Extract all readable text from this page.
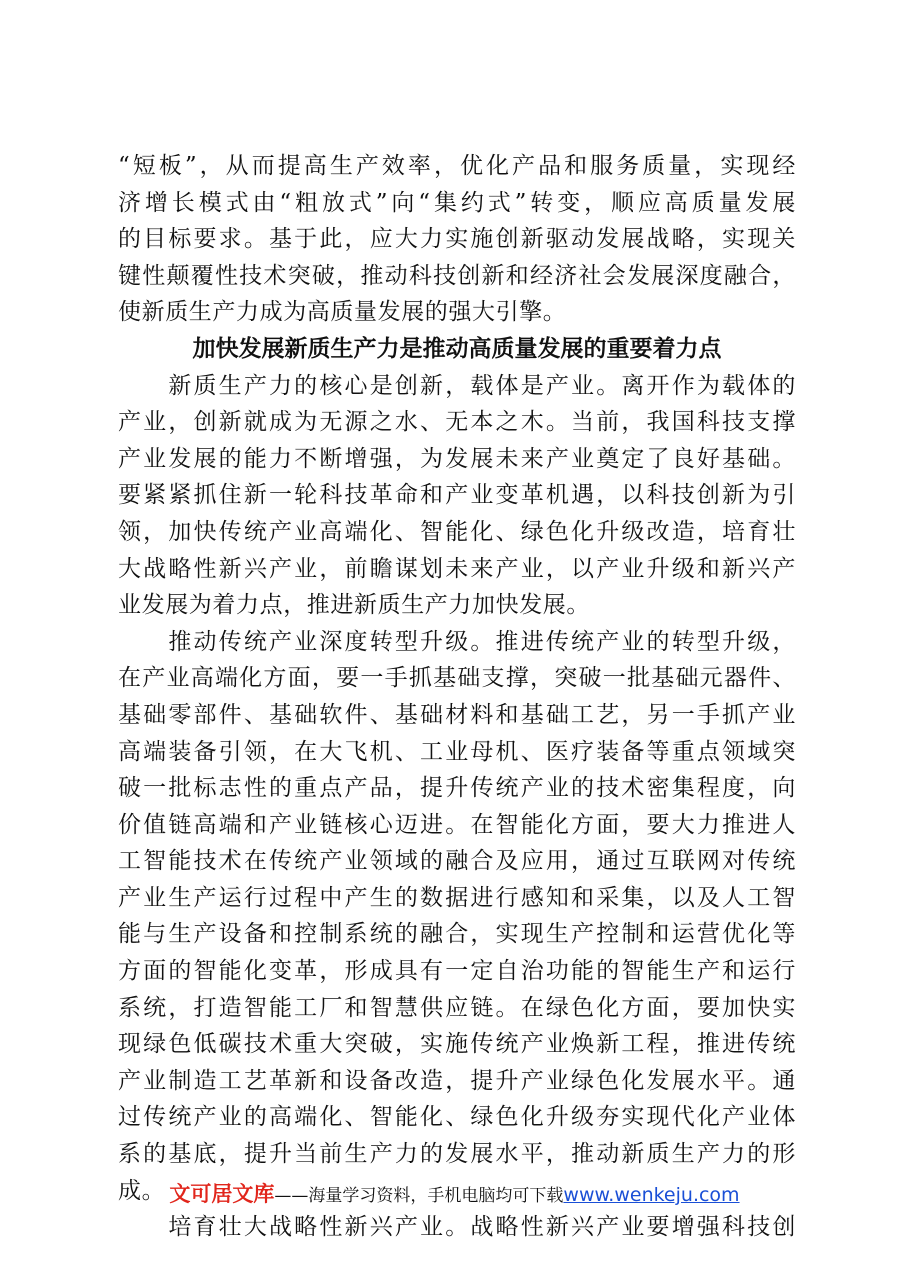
“短板”，从而提高生产效率，优化产品和服务质量，实现经
济增长模式由“粗放式”向“集约式”转变，顺应高质量发展
的目标要求。基于此，应大力实施创新驱动发展战略，实现关
键性颠覆性技术突破，推动科技创新和经济社会发展深度融合，
使新质生产力成为高质量发展的强大引擎。
加快发展新质生产力是推动高质量发展的重要着力点
　　新质生产力的核心是创新，载体是产业。离开作为载体的
产业，创新就成为无源之水、无本之木。当前，我国科技支撑
产业发展的能力不断增强，为发展未来产业奠定了良好基础。
要紧紧抓住新一轮科技革命和产业变革机遇，以科技创新为引
领，加快传统产业高端化、智能化、绿色化升级改造，培育壮
大战略性新兴产业，前瞻谋划未来产业，以产业升级和新兴产
业发展为着力点，推进新质生产力加快发展。
　　推动传统产业深度转型升级。推进传统产业的转型升级，
在产业高端化方面，要一手抓基础支撑，突破一批基础元器件、
基础零部件、基础软件、基础材料和基础工艺，另一手抓产业
高端装备引领，在大飞机、工业母机、医疗装备等重点领域突
破一批标志性的重点产品，提升传统产业的技术密集程度，向
价值链高端和产业链核心迈进。在智能化方面，要大力推进人
工智能技术在传统产业领域的融合及应用，通过互联网对传统
产业生产运行过程中产生的数据进行感知和采集，以及人工智
能与生产设备和控制系统的融合，实现生产控制和运营优化等
方面的智能化变革，形成具有一定自治功能的智能生产和运行
系统，打造智能工厂和智慧供应链。在绿色化方面，要加快实
现绿色低碳技术重大突破，实施传统产业焕新工程，推进传统
产业制造工艺革新和设备改造，提升产业绿色化发展水平。通
过传统产业的高端化、智能化、绿色化升级夯实现代化产业体
系的基底，提升当前生产力的发展水平，推动新质生产力的形
成。
　　培育壮大战略性新兴产业。战略性新兴产业要增强科技创
文可居文库——海量学习资料，手机电脑均可下载www.wenkeju.com
